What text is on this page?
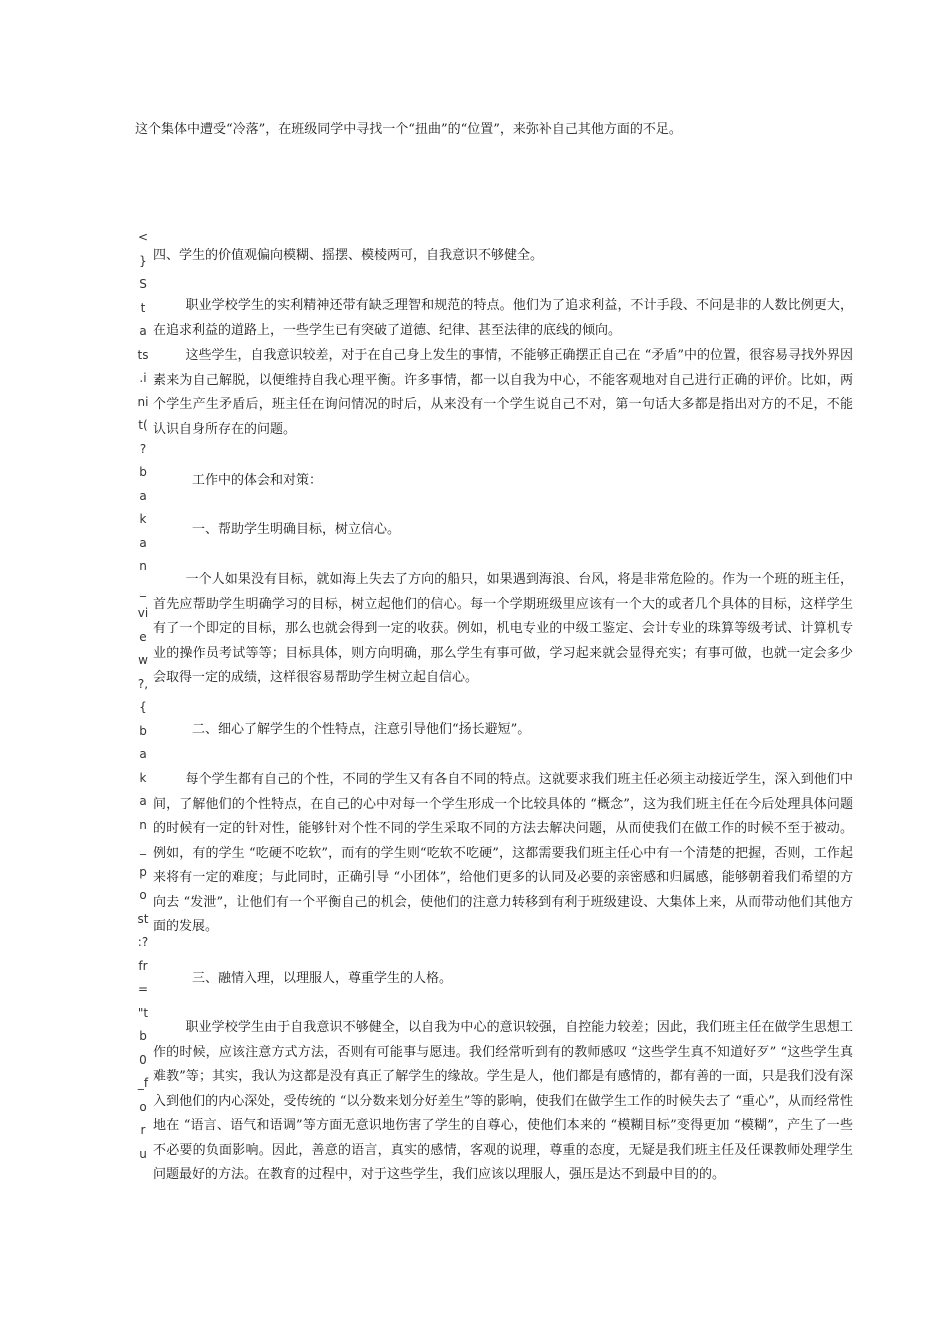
这个集体中遭受“冷落”，在班级同学中寻找一个“扭曲”的“位置”，来弥补自己其他方面的不足。
<
}
S
t
a
ts
.i
ni
t(
?
b
a
k
a
n
_
vi
e
w
?,
{
b
a
k
a
n
_
p
o
st
:?
fr
=
"t
b
0
_f
o
r
u
四、学生的价值观偏向模糊、摇摆、模棱两可，自我意识不够健全。
职业学校学生的实利精神还带有缺乏理智和规范的特点。他们为了追求利益，不计手段、不问是非的人数比例更大，在追求利益的道路上，一些学生已有突破了道德、纪律、甚至法律的底线的倾向。
这些学生，自我意识较差，对于在自己身上发生的事情，不能够正确摆正自己在 “矛盾”中的位置，很容易寻找外界因素来为自己解脱，以便维持自我心理平衡。许多事情，都一以自我为中心，不能客观地对自己进行正确的评价。比如，两个学生产生矛盾后，班主任在询问情况的时后，从来没有一个学生说自己不对，第一句话大多都是指出对方的不足，不能认识自身所存在的问题。
工作中的体会和对策：
一、帮助学生明确目标，树立信心。
一个人如果没有目标，就如海上失去了方向的船只，如果遇到海浪、台风，将是非常危险的。作为一个班的班主任，首先应帮助学生明确学习的目标，树立起他们的信心。每一个学期班级里应该有一个大的或者几个具体的目标，这样学生有了一个即定的目标，那么也就会得到一定的收获。例如，机电专业的中级工鉴定、会计专业的珠算等级考试、计算机专业的操作员考试等等；目标具体，则方向明确，那么学生有事可做，学习起来就会显得充实；有事可做，也就一定会多少会取得一定的成绩，这样很容易帮助学生树立起自信心。
二、细心了解学生的个性特点，注意引导他们“扬长避短”。
每个学生都有自己的个性，不同的学生又有各自不同的特点。这就要求我们班主任必须主动接近学生，深入到他们中间，了解他们的个性特点，在自己的心中对每一个学生形成一个比较具体的 “概念”，这为我们班主任在今后处理具体问题的时候有一定的针对性，能够针对个性不同的学生采取不同的方法去解决问题，从而使我们在做工作的时候不至于被动。例如，有的学生 “吃硬不吃软”，而有的学生则“吃软不吃硬”，这都需要我们班主任心中有一个清楚的把握，否则，工作起来将有一定的难度；与此同时，正确引导 “小团体”，给他们更多的认同及必要的亲密感和归属感，能够朝着我们希望的方向去 “发泄”，让他们有一个平衡自己的机会，使他们的注意力转移到有利于班级建设、大集体上来，从而带动他们其他方面的发展。
三、融情入理，以理服人，尊重学生的人格。
职业学校学生由于自我意识不够健全，以自我为中心的意识较强，自控能力较差；因此，我们班主任在做学生思想工作的时候，应该注意方式方法，否则有可能事与愿违。我们经常听到有的教师感叹 “这些学生真不知道好歹” “这些学生真难教”等；其实，我认为这都是没有真正了解学生的缘故。学生是人，他们都是有感情的，都有善的一面，只是我们没有深入到他们的内心深处，受传统的 “以分数来划分好差生”等的影响，使我们在做学生工作的时候失去了 “重心”，从而经常性地在 “语言、语气和语调”等方面无意识地伤害了学生的自尊心，使他们本来的 “模糊目标”变得更加 “模糊”，产生了一些不必要的负面影响。因此，善意的语言，真实的感情，客观的说理，尊重的态度，无疑是我们班主任及任课教师处理学生问题最好的方法。在教育的过程中，对于这些学生，我们应该以理服人，强压是达不到最中目的的。
